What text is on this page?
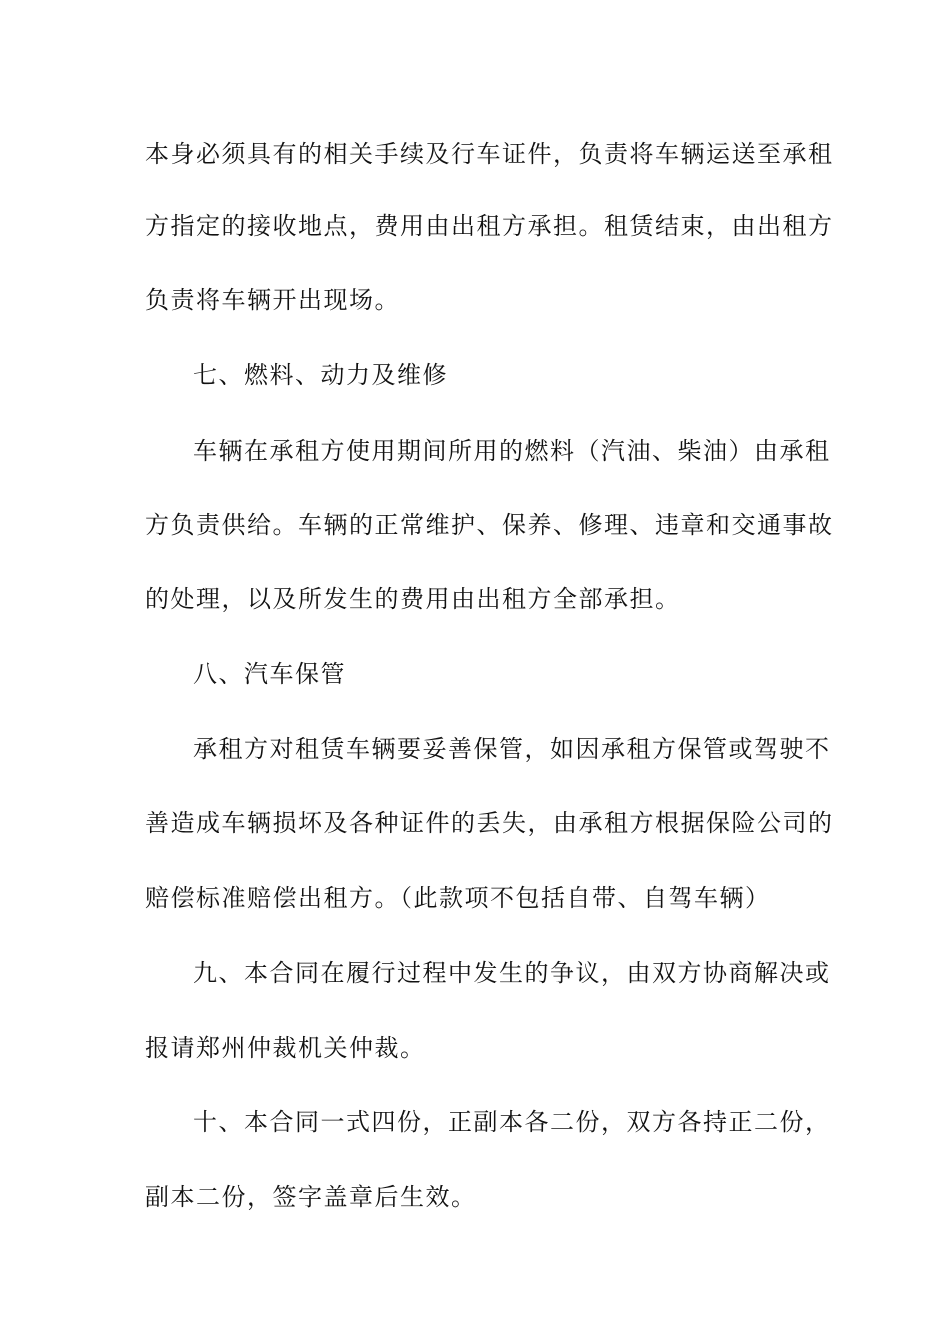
本身必须具有的相关手续及行车证件，负责将车辆运送至承租
方指定的接收地点，费用由出租方承担。租赁结束，由出租方
负责将车辆开出现场。
七、燃料、动力及维修
车辆在承租方使用期间所用的燃料（汽油、柴油）由承租
方负责供给。车辆的正常维护、保养、修理、违章和交通事故
的处理，以及所发生的费用由出租方全部承担。
八、汽车保管
承租方对租赁车辆要妥善保管，如因承租方保管或驾驶不
善造成车辆损坏及各种证件的丢失，由承租方根据保险公司的
赔偿标准赔偿出租方。（此款项不包括自带、自驾车辆）
九、本合同在履行过程中发生的争议，由双方协商解决或
报请郑州仲裁机关仲裁。
十、本合同一式四份，正副本各二份，双方各持正二份，
副本二份，签字盖章后生效。
